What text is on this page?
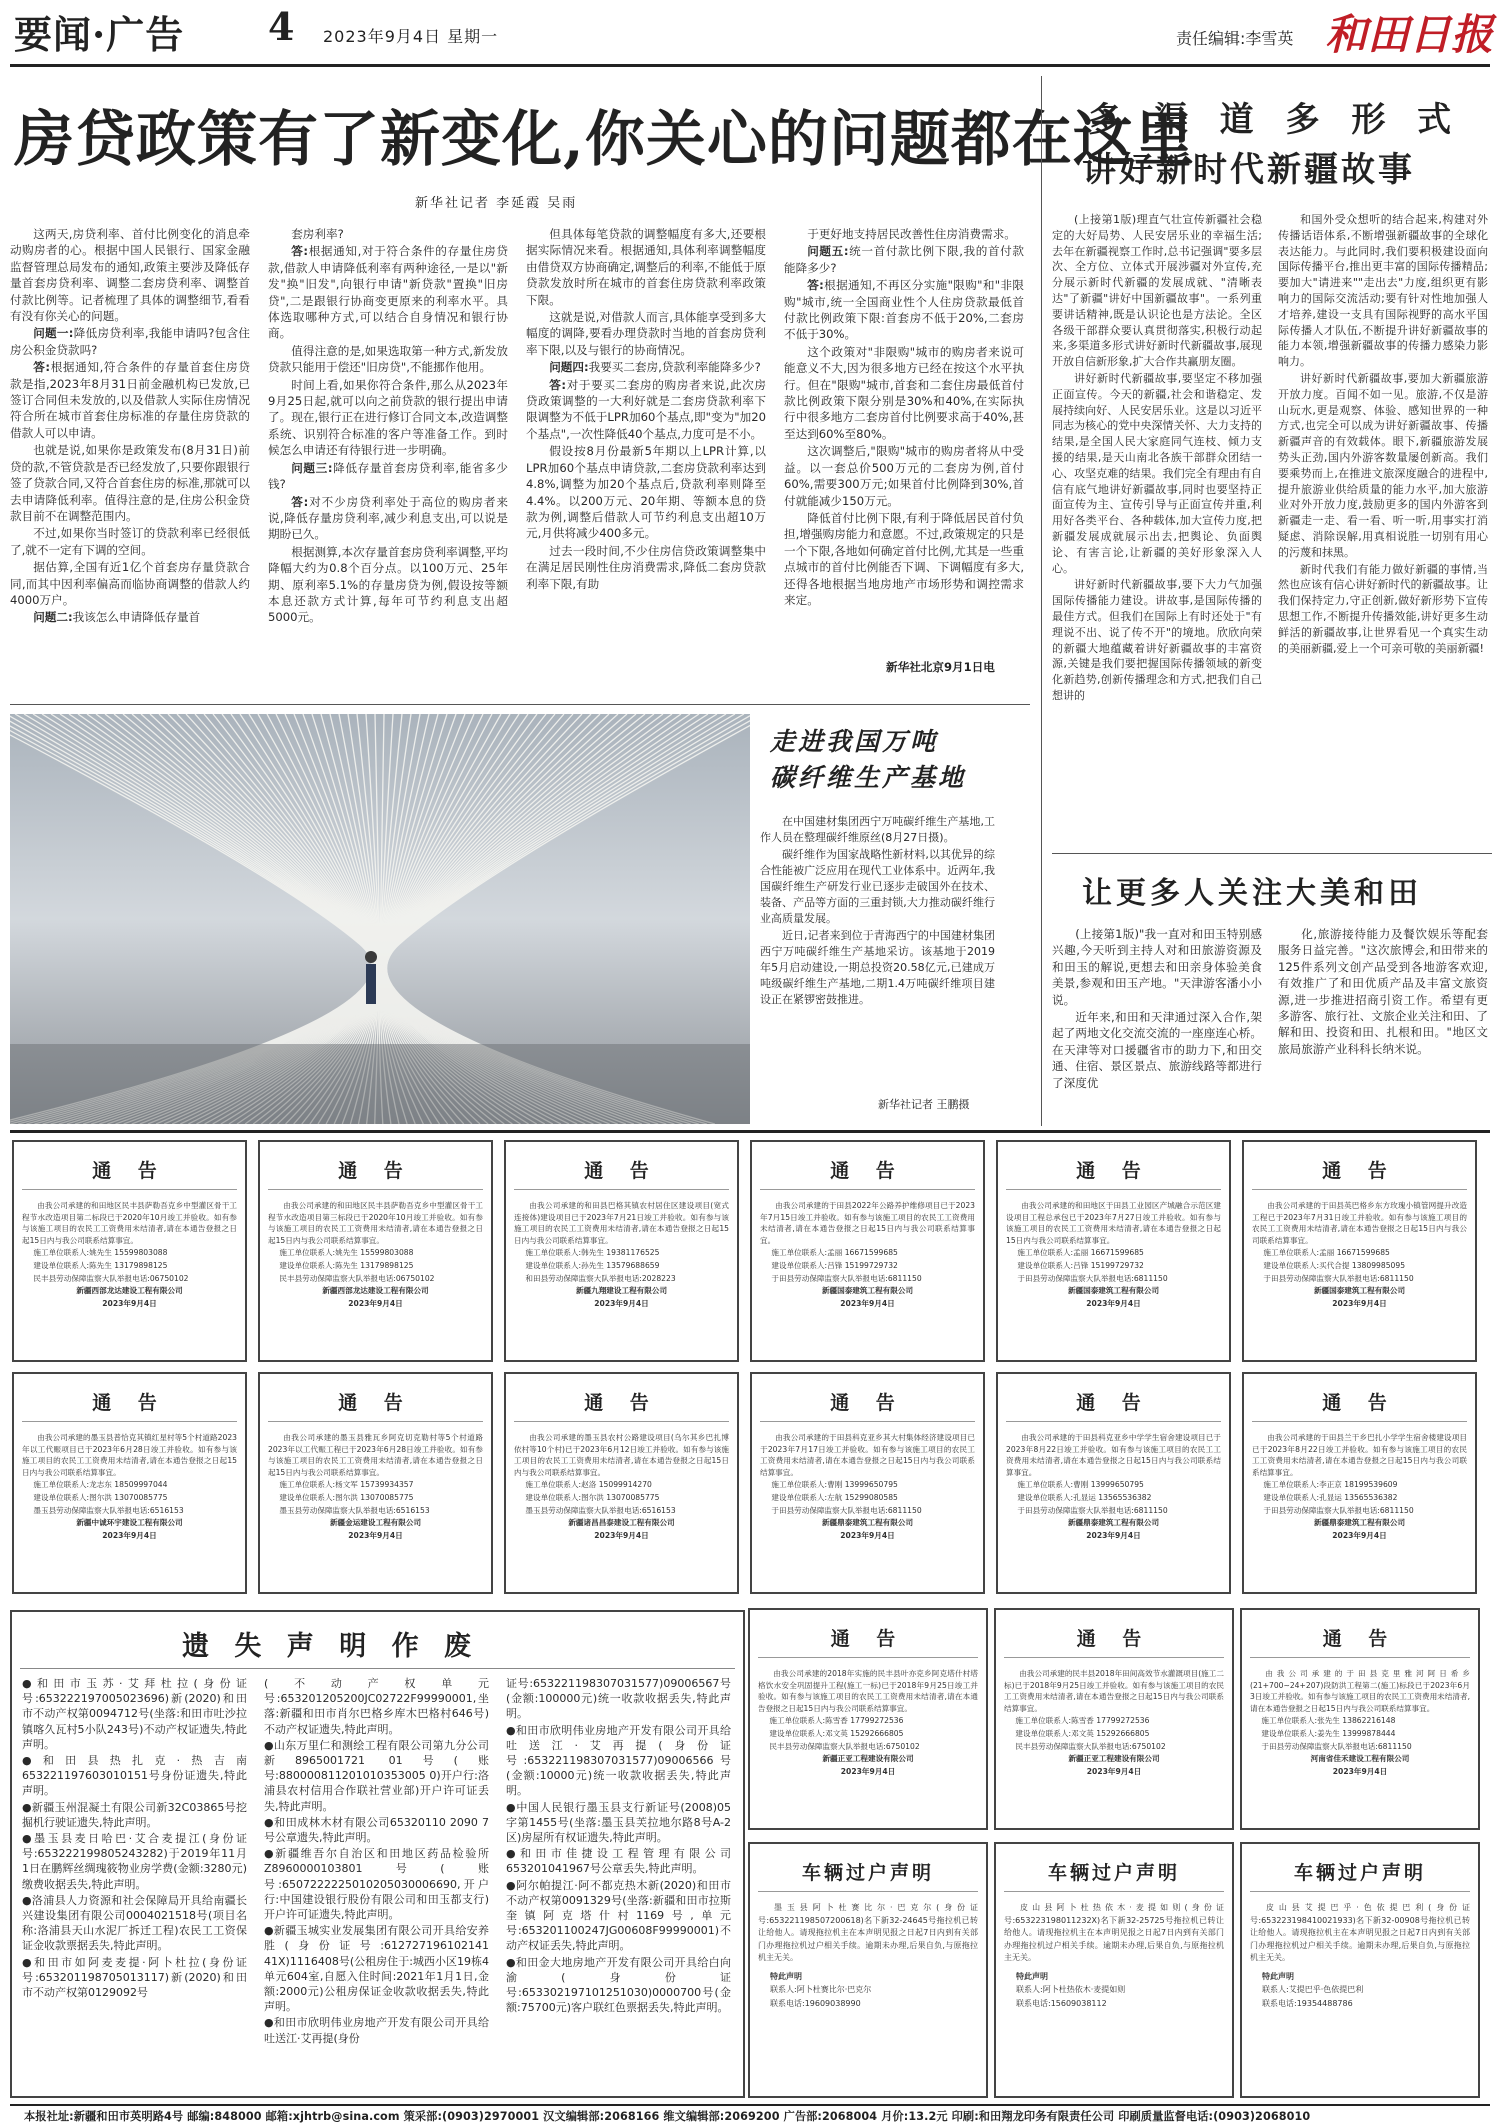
要闻·广告 4 2023年9月4日 星期一	责任编辑:李雪英 和田日报
房贷政策有了新变化,你关心的问题都在这里
新华社记者 李延霞 吴雨

这两天,房贷利率、首付比例变化的消息牵动购房者的心。根据中国人民银行、国家金融监督管理总局发布的通知,政策主要涉及降低存量首套房贷利率、调整二套房贷利率、调整首付款比例等。记者梳理了具体的调整细节,看看有没有你关心的问题。

问题一:降低房贷利率,我能申请吗?包含住房公积金贷款吗?

答:根据通知,符合条件的存量首套住房贷款是指,2023年8月31日前金融机构已发放,已签订合同但未发放的,以及借款人实际住房情况符合所在城市首套住房标准的存量住房贷款的借款人可以申请。

也就是说,如果你是政策发布(8月31日)前贷的款,不管贷款是否已经发放了,只要你跟银行签了贷款合同,又符合首套住房的标准,那就可以去申请降低利率。值得注意的是,住房公积金贷款目前不在调整范围内。

不过,如果你当时签订的贷款利率已经很低了,就不一定有下调的空间。

据估算,全国有近1亿个首套房存量贷款合同,而其中因利率偏高而临协商调整的借款人约4000万户。

问题二:我该怎么申请降低存量首

套房利率?

答:根据通知,对于符合条件的存量住房贷款,借款人申请降低利率有两种途径,一是以"新发"换"旧发",向银行申请"新贷款"置换"旧房贷",二是跟银行协商变更原来的利率水平。具体选取哪种方式,可以结合自身情况和银行协商。

值得注意的是,如果选取第一种方式,新发放贷款只能用于偿还"旧房贷",不能挪作他用。

时间上看,如果你符合条件,那么从2023年9月25日起,就可以向之前贷款的银行提出申请了。现在,银行正在进行修订合同文本,改造调整系统、识别符合标准的客户等准备工作。到时候怎么申请还有待银行进一步明确。

问题三:降低存量首套房贷利率,能省多少钱?

答:对不少房贷利率处于高位的购房者来说,降低存量房贷利率,减少利息支出,可以说是期盼已久。

根据测算,本次存量首套房贷利率调整,平均降幅大约为0.8个百分点。以100万元、25年期、原利率5.1%的存量房贷为例,假设按等额本息还款方式计算,每年可节约利息支出超5000元。

但具体每笔贷款的调整幅度有多大,还要根据实际情况来看。根据通知,具体利率调整幅度由借贷双方协商确定,调整后的利率,不能低于原贷款发放时所在城市的首套住房贷款利率政策下限。

这就是说,对借款人而言,具体能享受到多大幅度的调降,要看办理贷款时当地的首套房贷利率下限,以及与银行的协商情况。

问题四:我要买二套房,贷款利率能降多少?

答:对于要买二套房的购房者来说,此次房贷政策调整的一大利好就是二套房贷款利率下限调整为不低于LPR加60个基点,即"变为"加20个基点",一次性降低40个基点,力度可是不小。

假设按8月份最新5年期以上LPR计算,以LPR加60个基点申请贷款,二套房贷款利率达到4.8%,调整为加20个基点后,贷款利率则降至4.4%。以200万元、20年期、等额本息的贷款为例,调整后借款人可节约利息支出超10万元,月供将减少400多元。

过去一段时间,不少住房信贷政策调整集中在满足居民刚性住房消费需求,降低二套房贷款利率下限,有助

于更好地支持居民改善性住房消费需求。

问题五:统一首付款比例下限,我的首付款能降多少?

答:根据通知,不再区分实施"限购"和"非限购"城市,统一全国商业性个人住房贷款最低首付款比例政策下限:首套房不低于20%,二套房不低于30%。

这个政策对"非限购"城市的购房者来说可能意义不大,因为很多地方已经在按这个水平执行。但在"限购"城市,首套和二套住房最低首付款比例政策下限分别是30%和40%,在实际执行中很多地方二套房首付比例要求高于40%,甚至达到60%至80%。

这次调整后,"限购"城市的购房者将从中受益。以一套总价500万元的二套房为例,首付60%,需要300万元;如果首付比例降到30%,首付就能减少150万元。

降低首付比例下限,有利于降低居民首付负担,增强购房能力和意愿。不过,政策规定的只是一个下限,各地如何确定首付比例,尤其是一些重点城市的首付比例能否下调、下调幅度有多大,还得各地根据当地房地产市场形势和调控需求来定。

新华社北京9月1日电
多 渠 道 多 形 式
讲好新时代新疆故事

(上接第1版)理直气壮宣传新疆社会稳定的大好局势、人民安居乐业的幸福生活;去年在新疆视察工作时,总书记强调"要多层次、全方位、立体式开展涉疆对外宣传,充分展示新时代新疆的发展成就、"清晰表达"了新疆"讲好中国新疆故事"。一系列重要讲话精神,既是认识论也是方法论。全区各级干部群众要认真贯彻落实,积极行动起来,多渠道多形式讲好新时代新疆故事,展现开放自信新形象,扩大合作共赢朋友圈。

讲好新时代新疆故事,要坚定不移加强正面宣传。今天的新疆,社会和谐稳定、发展持续向好、人民安居乐业。这是以习近平同志为核心的党中央深情关怀、大力支持的结果,是全国人民大家庭同气连枝、倾力支援的结果,是天山南北各族干部群众团结一心、攻坚克难的结果。我们完全有理由有自信有底气地讲好新疆故事,同时也要坚持正面宣传为主、宣传引导与正面宣传并重,利用好各类平台、各种载体,加大宣传力度,把新疆发展成就展示出去,把舆论、负面舆论、有害言论,让新疆的美好形象深入人心。

讲好新时代新疆故事,要下大力气加强国际传播能力建设。讲故事,是国际传播的最佳方式。但我们在国际上有时还处于"有理说不出、说了传不开"的境地。欣欣向荣的新疆大地蕴藏着讲好新疆故事的丰富资源,关键是我们要把握国际传播领域的新变化新趋势,创新传播理念和方式,把我们自己想讲的

和国外受众想听的结合起来,构建对外传播话语体系,不断增强新疆故事的全球化表达能力。与此同时,我们要积极建设面向国际传播平台,推出更丰富的国际传播精品;要加大"请进来""走出去"力度,组织更有影响力的国际交流活动;要有针对性地加强人才培养,建设一支具有国际视野的高水平国际传播人才队伍,不断提升讲好新疆故事的能力本领,增强新疆故事的传播力感染力影响力。

讲好新时代新疆故事,要加大新疆旅游开放力度。百闻不如一见。旅游,不仅是游山玩水,更是观察、体验、感知世界的一种方式,也完全可以成为讲好新疆故事、传播新疆声音的有效载体。眼下,新疆旅游发展势头正劲,国内外游客数量屡创新高。我们要乘势而上,在推进文旅深度融合的进程中,提升旅游业供给质量的能力水平,加大旅游业对外开放力度,鼓励更多的国内外游客到新疆走一走、看一看、听一听,用事实打消疑虑、消除误解,用真相说胜一切别有用心的污蔑和抹黑。

新时代我们有能力做好新疆的事情,当然也应该有信心讲好新时代的新疆故事。让我们保持定力,守正创新,做好新形势下宣传思想工作,不断提升传播效能,讲好更多生动鲜活的新疆故事,让世界看见一个真实生动的美丽新疆,爱上一个可亲可敬的美丽新疆!

让更多人关注大美和田

(上接第1版)"我一直对和田玉特别感兴趣,今天听到主持人对和田旅游资源及和田玉的解说,更想去和田亲身体验美食美景,参观和田玉产地。"天津游客潘小小说。

近年来,和田和天津通过深入合作,架起了两地文化交流交流的一座座连心桥。在天津等对口援疆省市的助力下,和田交通、住宿、景区景点、旅游线路等都进行了深度优

化,旅游接待能力及餐饮娱乐等配套服务日益完善。"这次旅博会,和田带来的125件系列文创产品受到各地游客欢迎,有效推广了和田优质产品及丰富文旅资源,进一步推进招商引资工作。希望有更多游客、旅行社、文旅企业关注和田、了解和田、投资和田、扎根和田。"地区文旅局旅游产业科科长纳米说。

走进我国万吨
碳纤维生产基地

在中国建材集团西宁万吨碳纤维生产基地,工作人员在整理碳纤维原丝(8月27日摄)。

碳纤维作为国家战略性新材料,以其优异的综合性能被广泛应用在现代工业体系中。近两年,我国碳纤维生产研发行业已逐步走破国外在技术、装备、产品等方面的三重封锁,大力推动碳纤维行业高质量发展。

近日,记者来到位于青海西宁的中国建材集团西宁万吨碳纤维生产基地采访。该基地于2019年5月启动建设,一期总投资20.58亿元,已建成万吨级碳纤维生产基地,二期1.4万吨碳纤维项目建设正在紧锣密鼓推进。

新华社记者 王鹏摄
通 告

由我公司承建的和田地区民丰县萨勒吾克乡中型灌区骨干工程节水改造项目第二标段已于2020年10月竣工并验收。如有参与该施工项目的农民工工资费用未结清者,请在本通告登报之日起15日内与我公司联系结算事宜。

施工单位联系人:姚先生 15599803088

建设单位联系人:陈先生 13179898125

民丰县劳动保障监察大队举报电话:06750102

新疆西部龙达建设工程有限公司

2023年9月4日

通 告

由我公司承建的和田地区民丰县萨勒吾克乡中型灌区骨干工程节水改造项目第三标段已于2020年10月竣工并验收。如有参与该施工项目的农民工工资费用未结清者,请在本通告登报之日起15日内与我公司联系结算事宜。

施工单位联系人:姚先生 15599803088

建设单位联系人:陈先生 13179898125

民丰县劳动保障监察大队举报电话:06750102

新疆西部龙达建设工程有限公司

2023年9月4日

通 告

由我公司承建的和田县巴格其镇农村居住区建设项目(宽式连接体)建设项目已于2023年7月21日竣工并验收。如有参与该施工项目的农民工工资费用未结清者,请在本通告登报之日起15日内与我公司联系结算事宜。

施工单位联系人:韩先生 19381176525

建设单位联系人:孙先生 13579688659

和田县劳动保障监察大队举报电话:2028223

新疆九翔建设工程有限公司

2023年9月4日

通 告

由我公司承建的于田县2022年公路养护维修项目已于2023年7月15日竣工并验收。如有参与该施工项目的农民工工资费用未结清者,请在本通告登报之日起15日内与我公司联系结算事宜。

施工单位联系人:孟丽 16671599685

建设单位联系人:吕锋 15199729732

于田县劳动保障监察大队举报电话:6811150

新疆国泰建筑工程有限公司

2023年9月4日

通 告

由我公司承建的和田地区于田县工业园区产城融合示范区建设项目工程总承包已于2023年7月27日竣工并验收。如有参与该施工项目的农民工工资费用未结清者,请在本通告登报之日起15日内与我公司联系结算事宜。

施工单位联系人:孟丽 16671599685

建设单位联系人:吕锋 15199729732

于田县劳动保障监察大队举报电话:6811150

新疆国泰建筑工程有限公司

2023年9月4日

通 告

由我公司承建的于田县英巴格乡东方玫瑰小镇管网提升改造工程已于2023年7月31日竣工并验收。如有参与该施工项目的农民工工资费用未结清者,请在本通告登报之日起15日内与我公司联系结算事宜。

施工单位联系人:孟丽 16671599685

建设单位联系人:买代合提 13809985095

于田县劳动保障监察大队举报电话:6811150

新疆国泰建筑工程有限公司

2023年9月4日

通 告

由我公司承建的墨玉县普恰克其镇红星村等5个村道路2023年以工代赈项目已于2023年6月28日竣工并验收。如有参与该施工项目的农民工工资费用未结清者,请在本通告登报之日起15日内与我公司联系结算事宜。

施工单位联系人:龙志东 18509997044

建设单位联系人:图尔洪 13070085775

墨玉县劳动保障监察大队举报电话:6516153

新疆中诚环宇建设工程有限公司

2023年9月4日

通 告

由我公司承建的墨玉县雅瓦乡阿克切克勒村等5个村道路2023年以工代赈工程已于2023年6月28日竣工并验收。如有参与该施工项目的农民工工资费用未结清者,请在本通告登报之日起15日内与我公司联系结算事宜。

施工单位联系人:杨文军 15739934357

建设单位联系人:图尔洪 13070085775

墨玉县劳动保障监察大队举报电话:6516153

新疆金运建设工程有限公司

2023年9月4日

通 告

由我公司承建的墨玉县农村公路建设项目(乌尔其乡巴扎博依村等10个村)已于2023年6月12日竣工并验收。如有参与该施工项目的农民工工资费用未结清者,请在本通告登报之日起15日内与我公司联系结算事宜。

施工单位联系人:赵洛 15099914270

建设单位联系人:图尔洪 13070085775

墨玉县劳动保障监察大队举报电话:6516153

新疆诸昌昌泰建设工程有限公司

2023年9月4日

通 告

由我公司承建的于田县科克亚乡其大村集体经济建设项目已于2023年7月17日竣工并验收。如有参与该施工项目的农民工工资费用未结清者,请在本通告登报之日起15日内与我公司联系结算事宜。

施工单位联系人:曹刚 13999650795

建设单位联系人:左航 15299080585

于田县劳动保障监察大队举报电话:6811150

新疆鼎泰建筑工程有限公司

2023年9月4日

通 告

由我公司承建的于田县科克亚乡中学学生宿舍建设项目已于2023年8月22日竣工并验收。如有参与该施工项目的农民工工资费用未结清者,请在本通告登报之日起15日内与我公司联系结算事宜。

施工单位联系人:曹刚 13999650795

建设单位联系人:孔显运 13565536382

于田县劳动保障监察大队举报电话:6811150

新疆鼎泰建筑工程有限公司

2023年9月4日

通 告

由我公司承建的于田县兰干乡巴扎小学学生宿舍楼建设项目已于2023年8月22日竣工并验收。如有参与该施工项目的农民工工资费用未结清者,请在本通告登报之日起15日内与我公司联系结算事宜。

施工单位联系人:李正京 18199539609

建设单位联系人:孔显运 13565536382

于田县劳动保障监察大队举报电话:6811150

新疆鼎泰建筑工程有限公司

2023年9月4日

通 告

由我公司承建的2018年实施的民丰县叶亦克乡阿克塔什村塔格饮水安全巩固提升工程(施工一标)已于2018年9月25日竣工并验收。如有参与该施工项目的农民工工资费用未结清者,请在本通告登报之日起15日内与我公司联系结算事宜。

施工单位联系人:陈雪香 17799272536

建设单位联系人:邓文英 15292666805

民丰县劳动保障监察大队举报电话:6750102

新疆正亚工程建设有限公司

2023年9月4日

通 告

由我公司承建的民丰县2018年田间高效节水灌溉项目(施工二标)已于2018年9月25日竣工并验收。如有参与该施工项目的农民工工资费用未结清者,请在本通告登报之日起15日内与我公司联系结算事宜。

施工单位联系人:陈雪香 17799272536

建设单位联系人:邓文英 15292666805

民丰县劳动保障监察大队举报电话:6750102

新疆正亚工程建设有限公司

2023年9月4日

通 告

由我公司承建的于田县克里雅河阿日希乡(21+700~24+207)段防洪工程第二(施工)标段已于2023年6月3日竣工并验收。如有参与该施工项目的农民工工资费用未结清者,请在本通告登报之日起15日内与我公司联系结算事宜。

施工单位联系人:张先生 13862216148

建设单位联系人:姜先生 13999878444

于田县劳动保障监察大队举报电话:6811150

河南省佳禾建设工程有限公司

2023年9月4日

车辆过户声明

墨玉县阿卜杜赛比尔·巴克尔(身份证号:653221198507200618)名下新32-24645号拖拉机已转让给他人。请现拖拉机主在本声明见报之日起7日内到有关部门办理拖拉机过户相关手续。逾期未办理,后果自负,与原拖拉机主无关。

特此声明

联系人:阿卜杜赛比尔·巴克尔

联系电话:19609038990

车辆过户声明

皮山县阿卜杜热依木·麦提如则(身份证号:653223198011232X)名下新32-25725号拖拉机已转让给他人。请现拖拉机主在本声明见报之日起7日内到有关部门办理拖拉机过户相关手续。逾期未办理,后果自负,与原拖拉机主无关。

特此声明

联系人:阿卜杜热依木·麦提如则

联系电话:15609038112

车辆过户声明

皮山县艾提巴乎·色依提巴利(身份证号:653223198410021933)名下新32-00908号拖拉机已转让给他人。请现拖拉机主在本声明见报之日起7日内到有关部门办理拖拉机过户相关手续。逾期未办理,后果自负,与原拖拉机主无关。

特此声明

联系人:艾提巴乎·色依提巴利

联系电话:19354488786

遗 失 声 明 作 废

●和田市玉苏·艾拜杜拉(身份证号:653222197005023696)新(2020)和田市不动产权第0094712号(坐落:和田市吐沙拉镇喀久瓦村5小队243号)不动产权证遗失,特此声明。

●和田县热扎克·热吉南653221197603010151号身份证遗失,特此声明。

●新疆玉州混凝土有限公司新32C03865号挖掘机行驶证遗失,特此声明。

●墨玉县麦日哈巴·艾合麦提江(身份证号:653222199805243282)于2019年11月1日在鹏辉丝绸瑰筱物业房学费(金额:3280元)缴费收据丢失,特此声明。

●洛浦县人力资源和社会保障局开具给南疆长兴建设集团有限公司0004021518号(项目名称:洛浦县天山水泥厂拆迁工程)农民工工资保证金收款票据丢失,特此声明。

●和田市如阿麦麦提·阿卜杜拉(身份证号:653201198705013117)新(2020)和田市不动产权第0129092号

(不动产权单元号:653201205200JC02722F99990001,坐落:新疆和田市肖尔巴格乡库木巴格村646号)不动产权证遗失,特此声明。

●山东万里仁和测绘工程有限公司第九分公司新8965001721 01号(账号:880000811201010353005 0)开户行:洛浦县农村信用合作联社营业部)开户许可证丢失,特此声明。

●和田成林木材有限公司65320110 2090 7号公章遗失,特此声明。

●新疆维吾尔自治区和田地区药品检验所Z8960000103801号(账号:6507222225010205030006690,开户行:中国建设银行股份有限公司和田玉都支行)开户许可证遗失,特此声明。

●新疆玉城实业发展集团有限公司开具给安养胜(身份证号:612727196102141 41X)1116408号(公租房住于:城西小区19栋4单元604室,自愿入住时间:2021年1月1日,金额:2000元)公租房保证金收款收据丢失,特此声明。

●和田市欣明伟业房地产开发有限公司开具给吐送江·艾再提(身份

证号:653221198307031577)09006567号(金额:100000元)统一收款收据丢失,特此声明。

●和田市欣明伟业房地产开发有限公司开具给吐送江·艾再提(身份证号:653221198307031577)09006566号(金额:10000元)统一收款收据丢失,特此声明。

●中国人民银行墨玉县支行新证号(2008)05字第1455号(坐落:墨玉县芙拉地尔路8号A-2区)房屋所有权证遗失,特此声明。

●和田市佳捷设工程管理有限公司653201041967号公章丢失,特此声明。

●阿尔帕提江·阿不都克热木新(2020)和田市不动产权第0091329号(坐落:新疆和田市拉斯奎镇阿克塔什村1169号,单元号:653201100247JG00608F99990001)不动产权证丢失,特此声明。

●和田金大地房地产开发有限公司开具给白向渝(身份证号:653302197101251030)0000700号(金额:75700元)客户联红色票据丢失,特此声明。

本报社址:新疆和田市英明路4号 邮编:848000 邮箱:xjhtrb@sina.com 策采部:(0903)2970001 汉文编辑部:2068166 维文编辑部:2069200 广告部:2068004 月价:13.2元 印刷:和田翔龙印务有限责任公司 印刷质量监督电话:(0903)2068010
